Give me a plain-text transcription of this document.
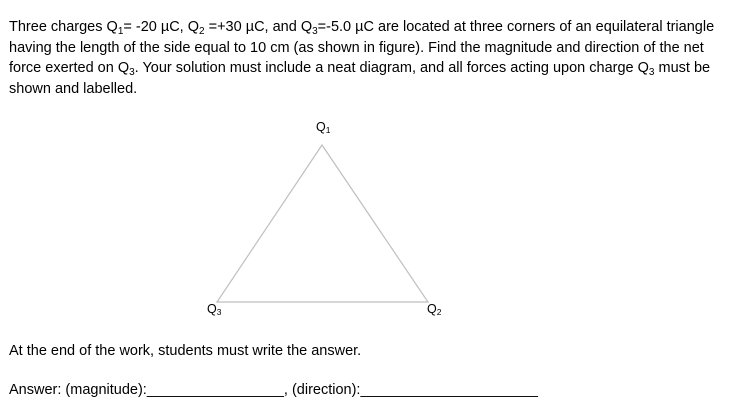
Three charges $Q_1= -20$ µC, $Q_2 =+30$ µC, and $Q_3=-5.0$ µC are located at three corners of an equilateral triangle having the length of the side equal to 10 cm (as shown in figure). Find the magnitude and direction of the net force exerted on $Q_3$. Your solution must include a neat diagram, and all forces acting upon charge $Q_3$ must be shown and labelled.

$Q_1$
$Q_3$	$Q_2$
At the end of the work, students must write the answer.
Answer: (magnitude):_________________, (direction):______________________
